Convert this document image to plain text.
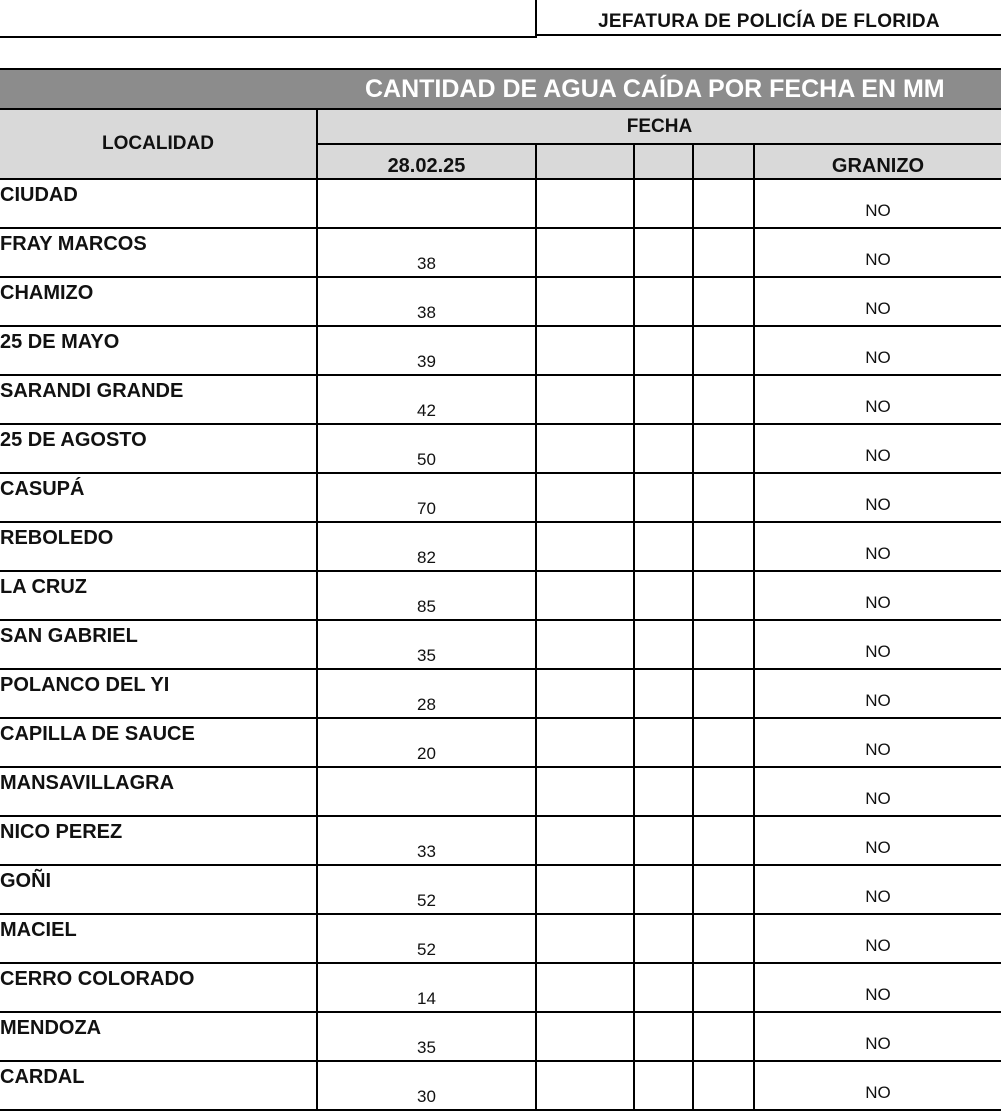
JEFATURA DE POLICÍA DE FLORIDA
CANTIDAD DE AGUA CAÍDA POR FECHA EN MM					

LOCALIDAD	FECHA				
	28.02.25				GRANIZO
CIUDAD					NO
FRAY MARCOS	38				NO
CHAMIZO	38				NO
25 DE MAYO	39				NO
SARANDI GRANDE	42				NO
25 DE AGOSTO	50				NO
CASUPÁ	70				NO
REBOLEDO	82				NO
LA CRUZ	85				NO
SAN GABRIEL	35				NO
POLANCO DEL YI	28				NO
CAPILLA DE SAUCE	20				NO
MANSAVILLAGRA					NO
NICO PEREZ	33				NO
GOÑI	52				NO
MACIEL	52				NO
CERRO COLORADO	14				NO
MENDOZA	35				NO
CARDAL	30				NO
